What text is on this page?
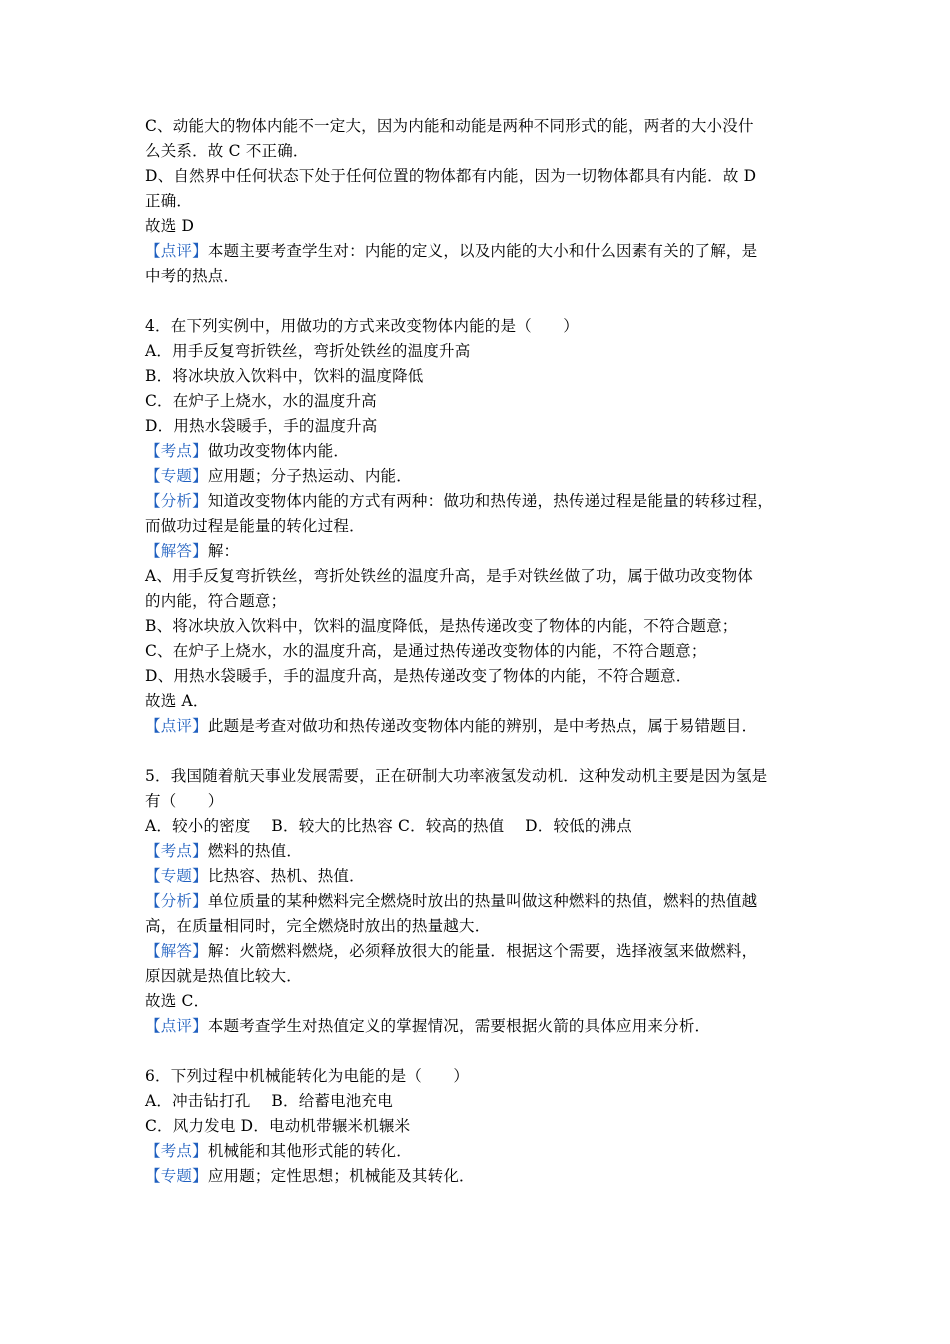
C、动能大的物体内能不一定大，因为内能和动能是两种不同形式的能，两者的大小没什
么关系．故 C 不正确．
D、自然界中任何状态下处于任何位置的物体都有内能，因为一切物体都具有内能．故 D
正确．
故选 D
【点评】本题主要考查学生对：内能的定义，以及内能的大小和什么因素有关的了解，是
中考的热点．
4．在下列实例中，用做功的方式来改变物体内能的是（　　）
A．用手反复弯折铁丝，弯折处铁丝的温度升高
B．将冰块放入饮料中，饮料的温度降低
C．在炉子上烧水，水的温度升高
D．用热水袋暖手，手的温度升高
【考点】做功改变物体内能．
【专题】应用题；分子热运动、内能．
【分析】知道改变物体内能的方式有两种：做功和热传递，热传递过程是能量的转移过程，
而做功过程是能量的转化过程．
【解答】解：
A、用手反复弯折铁丝，弯折处铁丝的温度升高，是手对铁丝做了功，属于做功改变物体
的内能，符合题意；
B、将冰块放入饮料中，饮料的温度降低，是热传递改变了物体的内能，不符合题意；
C、在炉子上烧水，水的温度升高，是通过热传递改变物体的内能，不符合题意；
D、用热水袋暖手，手的温度升高，是热传递改变了物体的内能，不符合题意．
故选 A．
【点评】此题是考查对做功和热传递改变物体内能的辨别，是中考热点，属于易错题目．
5．我国随着航天事业发展需要，正在研制大功率液氢发动机．这种发动机主要是因为氢是
有（　　）
A．较小的密度　 B．较大的比热容 C．较高的热值　 D．较低的沸点
【考点】燃料的热值．
【专题】比热容、热机、热值．
【分析】单位质量的某种燃料完全燃烧时放出的热量叫做这种燃料的热值，燃料的热值越
高，在质量相同时，完全燃烧时放出的热量越大．
【解答】解：火箭燃料燃烧，必须释放很大的能量．根据这个需要，选择液氢来做燃料，
原因就是热值比较大．
故选 C．
【点评】本题考查学生对热值定义的掌握情况，需要根据火箭的具体应用来分析．
6．下列过程中机械能转化为电能的是（　　）
A．冲击钻打孔　 B．给蓄电池充电
C．风力发电 D．电动机带辗米机辗米
【考点】机械能和其他形式能的转化．
【专题】应用题；定性思想；机械能及其转化．
